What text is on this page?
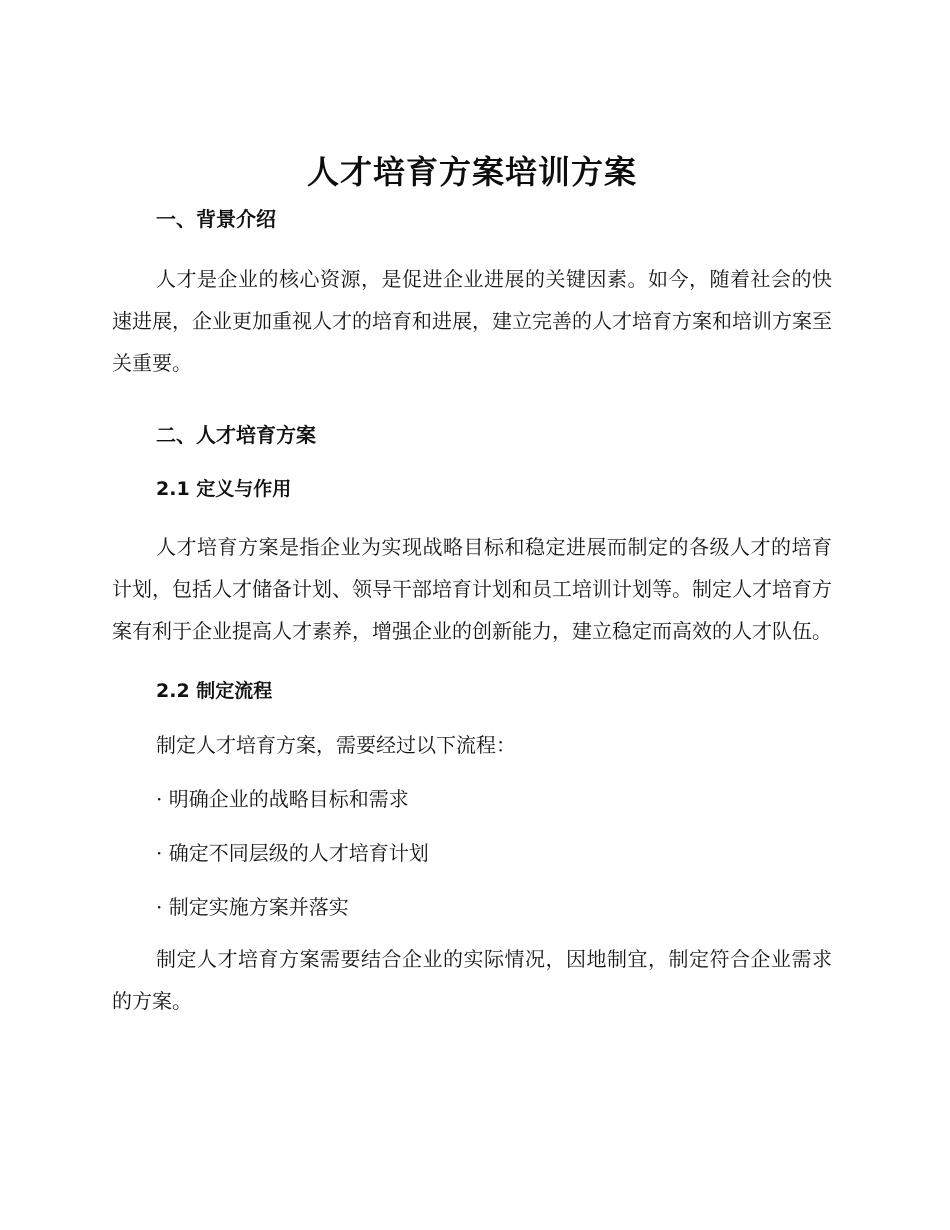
人才培育方案培训方案
一、背景介绍

人才是企业的核心资源，是促进企业进展的关键因素。如今，随着社会的快速进展，企业更加重视人才的培育和进展，建立完善的人才培育方案和培训方案至关重要。

二、人才培育方案
2.1 定义与作用

人才培育方案是指企业为实现战略目标和稳定进展而制定的各级人才的培育计划，包括人才储备计划、领导干部培育计划和员工培训计划等。制定人才培育方案有利于企业提高人才素养，增强企业的创新能力，建立稳定而高效的人才队伍。

2.2 制定流程
制定人才培育方案，需要经过以下流程：
· 明确企业的战略目标和需求
· 确定不同层级的人才培育计划
· 制定实施方案并落实

制定人才培育方案需要结合企业的实际情况，因地制宜，制定符合企业需求的方案。
